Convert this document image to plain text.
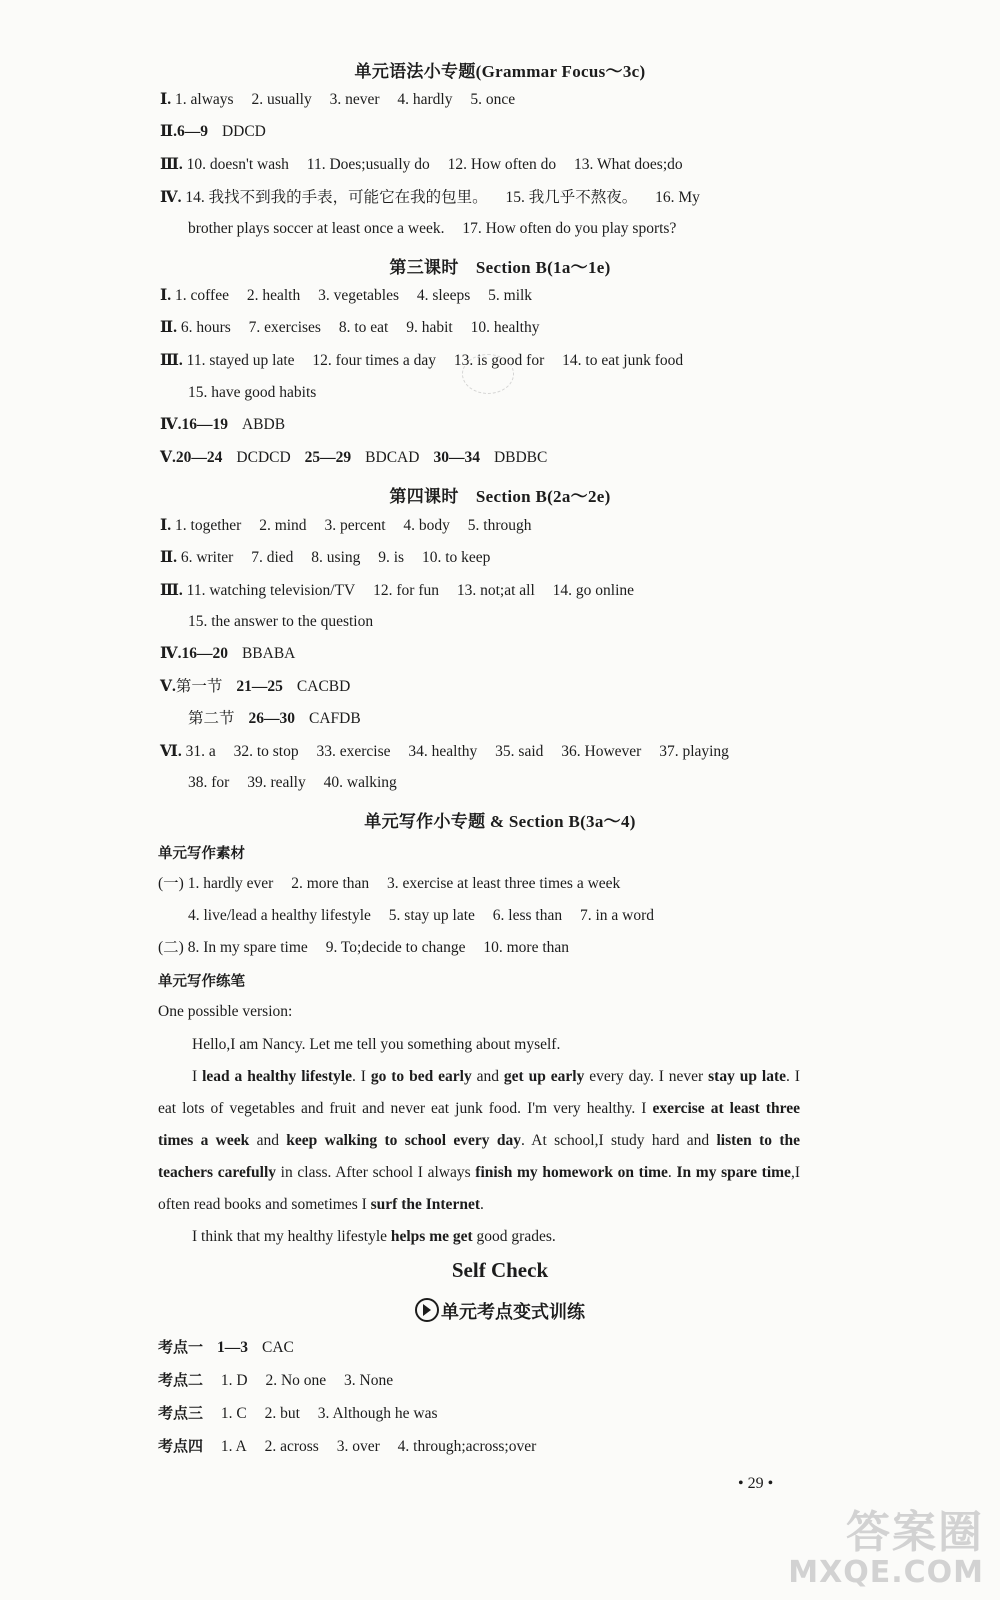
单元语法小专题(Grammar Focus～3c)
Ⅰ. 1. always 2. usually 3. never 4. hardly 5. once
Ⅱ.6—9 DDCD
Ⅲ. 10. doesn't wash 11. Does;usually do 12. How often do 13. What does;do
Ⅳ. 14. 我找不到我的手表，可能它在我的包里。 15. 我几乎不熬夜。 16. My
brother plays soccer at least once a week. 17. How often do you play sports?
第三课时　Section B(1a～1e)
Ⅰ. 1. coffee 2. health 3. vegetables 4. sleeps 5. milk
Ⅱ. 6. hours 7. exercises 8. to eat 9. habit 10. healthy
Ⅲ. 11. stayed up late 12. four times a day 13. is good for 14. to eat junk food
15. have good habits
Ⅳ.16—19 ABDB
Ⅴ.20—24 DCDCD 25—29 BDCAD 30—34 DBDBC
第四课时　Section B(2a～2e)
Ⅰ. 1. together 2. mind 3. percent 4. body 5. through
Ⅱ. 6. writer 7. died 8. using 9. is 10. to keep
Ⅲ. 11. watching television/TV 12. for fun 13. not;at all 14. go online
15. the answer to the question
Ⅳ.16—20 BBABA
Ⅴ.第一节 21—25 CACBD
第二节 26—30 CAFDB
Ⅵ. 31. a 32. to stop 33. exercise 34. healthy 35. said 36. However 37. playing
38. for 39. really 40. walking
单元写作小专题 & Section B(3a～4)
单元写作素材
(一) 1. hardly ever 2. more than 3. exercise at least three times a week
4. live/lead a healthy lifestyle 5. stay up late 6. less than 7. in a word
(二) 8. In my spare time 9. To;decide to change 10. more than
单元写作练笔
One possible version:
Hello,I am Nancy. Let me tell you something about myself.
I lead a healthy lifestyle. I go to bed early and get up early every day. I never stay up late. I eat lots of vegetables and fruit and never eat junk food. I'm very healthy. I exercise at least three times a week and keep walking to school every day. At school,I study hard and listen to the teachers carefully in class. After school I always finish my homework on time. In my spare time,I often read books and sometimes I surf the Internet.
I think that my healthy lifestyle helps me get good grades.
Self Check
单元考点变式训练
考点一 1—3 CAC
考点二 1. D 2. No one 3. None
考点三 1. C 2. but 3. Although he was
考点四 1. A 2. across 3. over 4. through;across;over
• 29 •
答案圈
MXQE.COM
